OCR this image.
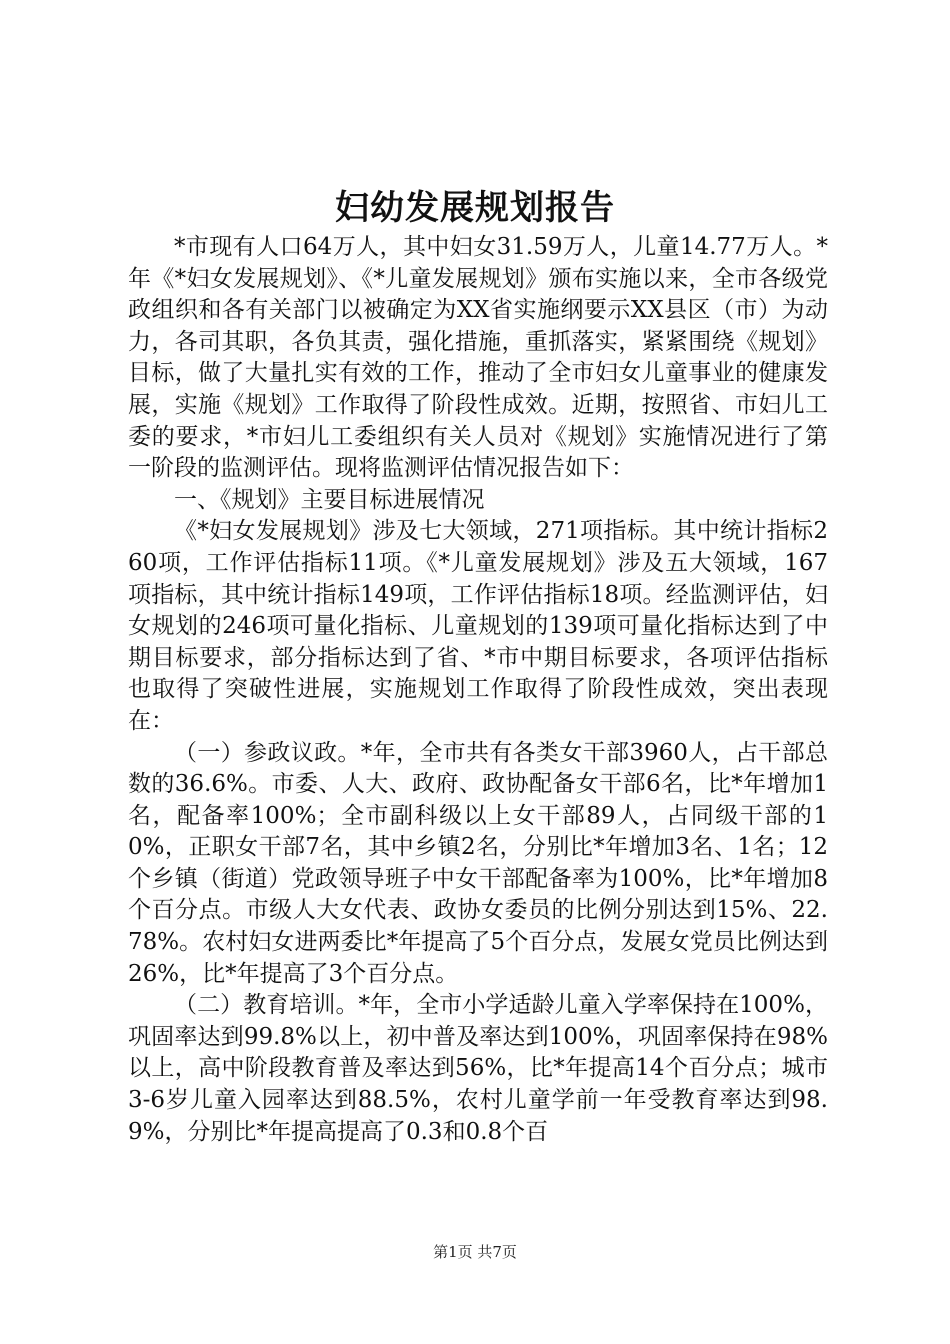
妇幼发展规划报告

*市现有人口64万人，其中妇女31.59万人，儿童14.77万人。*年《*妇女发展规划》、《*儿童发展规划》颁布实施以来，全市各级党政组织和各有关部门以被确定为XX省实施纲要示XX县区（市）为动力，各司其职，各负其责，强化措施，重抓落实，紧紧围绕《规划》目标，做了大量扎实有效的工作，推动了全市妇女儿童事业的健康发展，实施《规划》工作取得了阶段性成效。近期，按照省、市妇儿工委的要求，*市妇儿工委组织有关人员对《规划》实施情况进行了第一阶段的监测评估。现将监测评估情况报告如下：

一、《规划》主要目标进展情况

《*妇女发展规划》涉及七大领域，271项指标。其中统计指标260项，工作评估指标11项。《*儿童发展规划》涉及五大领域，167项指标，其中统计指标149项，工作评估指标18项。经监测评估，妇女规划的246项可量化指标、儿童规划的139项可量化指标达到了中期目标要求，部分指标达到了省、*市中期目标要求，各项评估指标也取得了突破性进展，实施规划工作取得了阶段性成效，突出表现在：

（一）参政议政。*年，全市共有各类女干部3960人，占干部总数的36.6%。市委、人大、政府、政协配备女干部6名，比*年增加1名，配备率100%；全市副科级以上女干部89人，占同级干部的10%，正职女干部7名，其中乡镇2名，分别比*年增加3名、1名；12个乡镇（街道）党政领导班子中女干部配备率为100%，比*年增加8个百分点。市级人大女代表、政协女委员的比例分别达到15%、22.78%。农村妇女进两委比*年提高了5个百分点，发展女党员比例达到26%，比*年提高了3个百分点。

（二）教育培训。*年，全市小学适龄儿童入学率保持在100%，巩固率达到99.8%以上，初中普及率达到100%，巩固率保持在98%以上，高中阶段教育普及率达到56%，比*年提高14个百分点；城市3-6岁儿童入园率达到88.5%，农村儿童学前一年受教育率达到98.9%，分别比*年提高提高了0.3和0.8个百

第1页 共7页
